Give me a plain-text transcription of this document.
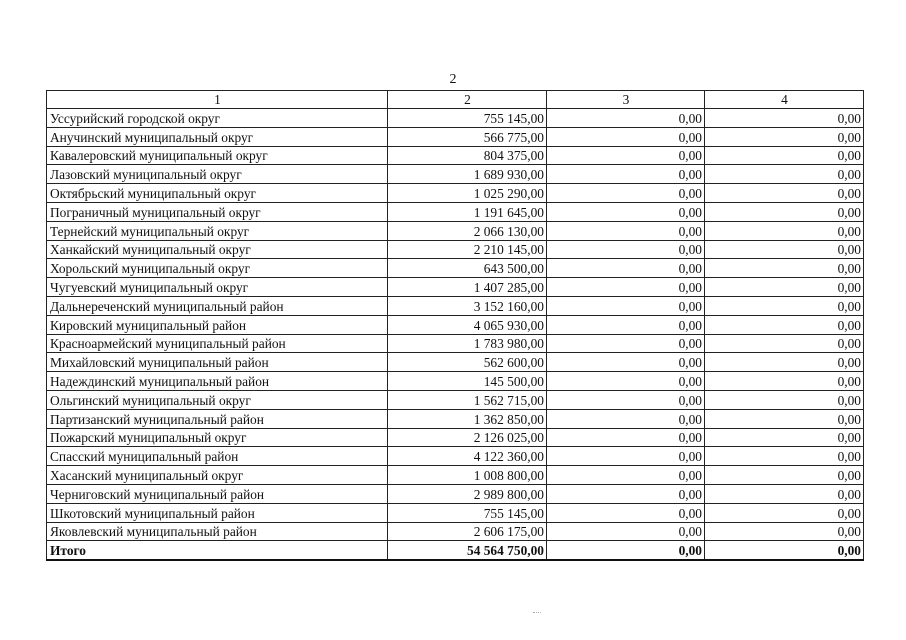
2
1	2	3	4
Уссурийский городской округ	755 145,00	0,00	0,00
Анучинский муниципальный округ	566 775,00	0,00	0,00
Кавалеровский муниципальный округ	804 375,00	0,00	0,00
Лазовский муниципальный округ	1 689 930,00	0,00	0,00
Октябрьский муниципальный округ	1 025 290,00	0,00	0,00
Пограничный муниципальный округ	1 191 645,00	0,00	0,00
Тернейский муниципальный округ	2 066 130,00	0,00	0,00
Ханкайский муниципальный округ	2 210 145,00	0,00	0,00
Хорольский муниципальный округ	643 500,00	0,00	0,00
Чугуевский муниципальный округ	1 407 285,00	0,00	0,00
Дальнереченский муниципальный район	3 152 160,00	0,00	0,00
Кировский муниципальный район	4 065 930,00	0,00	0,00
Красноармейский муниципальный район	1 783 980,00	0,00	0,00
Михайловский муниципальный район	562 600,00	0,00	0,00
Надеждинский муниципальный район	145 500,00	0,00	0,00
Ольгинский муниципальный округ	1 562 715,00	0,00	0,00
Партизанский муниципальный район	1 362 850,00	0,00	0,00
Пожарский муниципальный округ	2 126 025,00	0,00	0,00
Спасский муниципальный район	4 122 360,00	0,00	0,00
Хасанский муниципальный округ	1 008 800,00	0,00	0,00
Черниговский муниципальный район	2 989 800,00	0,00	0,00
Шкотовский муниципальный район	755 145,00	0,00	0,00
Яковлевский муниципальный район	2 606 175,00	0,00	0,00
Итого	54 564 750,00	0,00	0,00
